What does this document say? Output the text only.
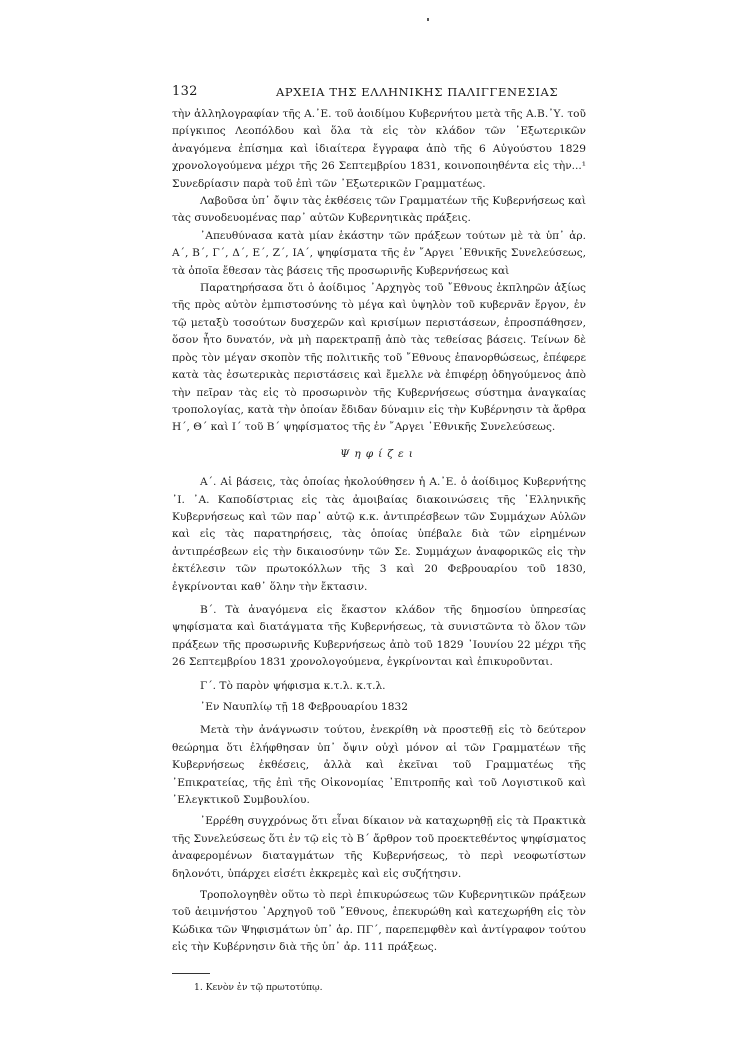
132	ΑΡΧΕΙΑ ΤΗΣ ΕΛΛΗΝΙΚΗΣ ΠΑΛΙΓΓΕΝΕΣΙΑΣ

τὴν ἀλληλογραφίαν τῆς Α.᾿Ε. τοῦ ἀοιδίμου Κυβερνήτου μετὰ τῆς Α.Β.᾿Υ. τοῦ πρίγκιπος Λεοπόλδου καὶ ὅλα τὰ εἰς τὸν κλάδον τῶν ᾿Εξωτερικῶν ἀναγόμενα ἐπίσημα καὶ ἰδιαίτερα ἔγγραφα ἀπὸ τῆς 6 Αὐγούστου 1829 χρονολογούμενα μέχρι τῆς 26 Σεπτεμβρίου 1831, κοινοποιηθέντα εἰς τὴν...¹ Συνεδρίασιν παρὰ τοῦ ἐπὶ τῶν ᾿Εξωτερικῶν Γραμματέως.

Λαβοῦσα ὑπ᾿ ὄψιν τὰς ἐκθέσεις τῶν Γραμματέων τῆς Κυβερνήσεως καὶ τὰς συνοδευομένας παρ᾿ αὐτῶν Κυβερνητικὰς πράξεις.

᾿Απευθύνασα κατὰ μίαν ἑκάστην τῶν πράξεων τούτων μὲ τὰ ὑπ᾿ ἀρ. Α΄, Β΄, Γ΄, Δ΄, Ε΄, Ζ΄, ΙΑ΄, ψηφίσματα τῆς ἐν ῎Αργει ᾿Εθνικῆς Συνελεύσεως, τὰ ὁποῖα ἔθεσαν τὰς βάσεις τῆς προσωρινῆς Κυβερνήσεως καὶ

Παρατηρήσασα ὅτι ὁ ἀοίδιμος ᾿Αρχηγὸς τοῦ ῎Εθνους ἐκπληρῶν ἀξίως τῆς πρὸς αὐτὸν ἐμπιστοσύνης τὸ μέγα καὶ ὑψηλὸν τοῦ κυβερνᾶν ἔργον, ἐν τῷ μεταξὺ τοσούτων δυσχερῶν καὶ κρισίμων περιστάσεων, ἐπροσπάθησεν, ὅσον ἦτο δυνατόν, νὰ μὴ παρεκτραπῇ ἀπὸ τὰς τεθείσας βάσεις. Τείνων δὲ πρὸς τὸν μέγαν σκοπὸν τῆς πολιτικῆς τοῦ ῎Εθνους ἐπανορθώσεως, ἐπέφερε κατὰ τὰς ἐσωτερικὰς περιστάσεις καὶ ἔμελλε νὰ ἐπιφέρῃ ὁδηγούμενος ἀπὸ τὴν πεῖραν τὰς εἰς τὸ προσωρινὸν τῆς Κυβερνήσεως σύστημα ἀναγκαίας τροπολογίας, κατὰ τὴν ὁποίαν ἔδιδαν δύναμιν εἰς τὴν Κυβέρνησιν τὰ ἄρθρα Η΄, Θ΄ καὶ Ι΄ τοῦ Β΄ ψηφίσματος τῆς ἐν ῎Αργει ᾿Εθνικῆς Συνελεύσεως.

Ψηφίζει

Α΄. Αἱ βάσεις, τὰς ὁποίας ἠκολούθησεν ἡ Α.᾿Ε. ὁ ἀοίδιμος Κυβερνήτης ᾿Ι. ᾿Α. Καποδίστριας εἰς τὰς ἀμοιβαίας διακοινώσεις τῆς ᾿Ελληνικῆς Κυβερνήσεως καὶ τῶν παρ᾿ αὐτῷ κ.κ. ἀντιπρέσβεων τῶν Συμμάχων Αὐλῶν καὶ εἰς τὰς παρατηρήσεις, τὰς ὁποίας ὑπέβαλε διὰ τῶν εἰρημένων ἀντιπρέσβεων εἰς τὴν δικαιοσύνην τῶν Σε. Συμμάχων ἀναφορικῶς εἰς τὴν ἐκτέλεσιν τῶν πρωτοκόλλων τῆς 3 καὶ 20 Φεβρουαρίου τοῦ 1830, ἐγκρίνονται καθ᾿ ὅλην τὴν ἔκτασιν.

Β΄. Τὰ ἀναγόμενα εἰς ἕκαστον κλάδον τῆς δημοσίου ὑπηρεσίας ψηφίσματα καὶ διατάγματα τῆς Κυβερνήσεως, τὰ συνιστῶντα τὸ ὅλον τῶν πράξεων τῆς προσωρινῆς Κυβερνήσεως ἀπὸ τοῦ 1829 ᾿Ιουνίου 22 μέχρι τῆς 26 Σεπτεμβρίου 1831 χρονολογούμενα, ἐγκρίνονται καὶ ἐπικυροῦνται.

Γ΄. Τὸ παρὸν ψήφισμα κ.τ.λ. κ.τ.λ.

᾿Εν Ναυπλίῳ τῇ 18 Φεβρουαρίου 1832

Μετὰ τὴν ἀνάγνωσιν τούτου, ἐνεκρίθη νὰ προστεθῇ εἰς τὸ δεύτερον θεώρημα ὅτι ἐλήφθησαν ὑπ᾿ ὄψιν οὐχὶ μόνον αἱ τῶν Γραμματέων τῆς Κυβερνήσεως ἐκθέσεις, ἀλλὰ καὶ ἐκεῖναι τοῦ Γραμματέως τῆς ᾿Επικρατείας, τῆς ἐπὶ τῆς Οἰκονομίας ᾿Επιτροπῆς καὶ τοῦ Λογιστικοῦ καὶ ᾿Ελεγκτικοῦ Συμβουλίου.

᾿Ερρέθη συγχρόνως ὅτι εἶναι δίκαιον νὰ καταχωρηθῇ εἰς τὰ Πρακτικὰ τῆς Συνελεύσεως ὅτι ἐν τῷ εἰς τὸ Β΄ ἄρθρον τοῦ προεκτεθέντος ψηφίσματος ἀναφερομένων διαταγμάτων τῆς Κυβερνήσεως, τὸ περὶ νεοφωτίστων δηλονότι, ὑπάρχει εἰσέτι ἐκκρεμὲς καὶ εἰς συζήτησιν.

Τροπολογηθὲν οὕτω τὸ περὶ ἐπικυρώσεως τῶν Κυβερνητικῶν πράξεων τοῦ ἀειμνήστου ᾿Αρχηγοῦ τοῦ ῎Εθνους, ἐπεκυρώθη καὶ κατεχωρήθη εἰς τὸν Κώδικα τῶν Ψηφισμάτων ὑπ᾿ ἀρ. ΠΓ΄, παρεπεμφθὲν καὶ ἀντίγραφον τούτου εἰς τὴν Κυβέρνησιν διὰ τῆς ὑπ᾿ ἀρ. 111 πράξεως.

1. Κενὸν ἐν τῷ πρωτοτύπῳ.
